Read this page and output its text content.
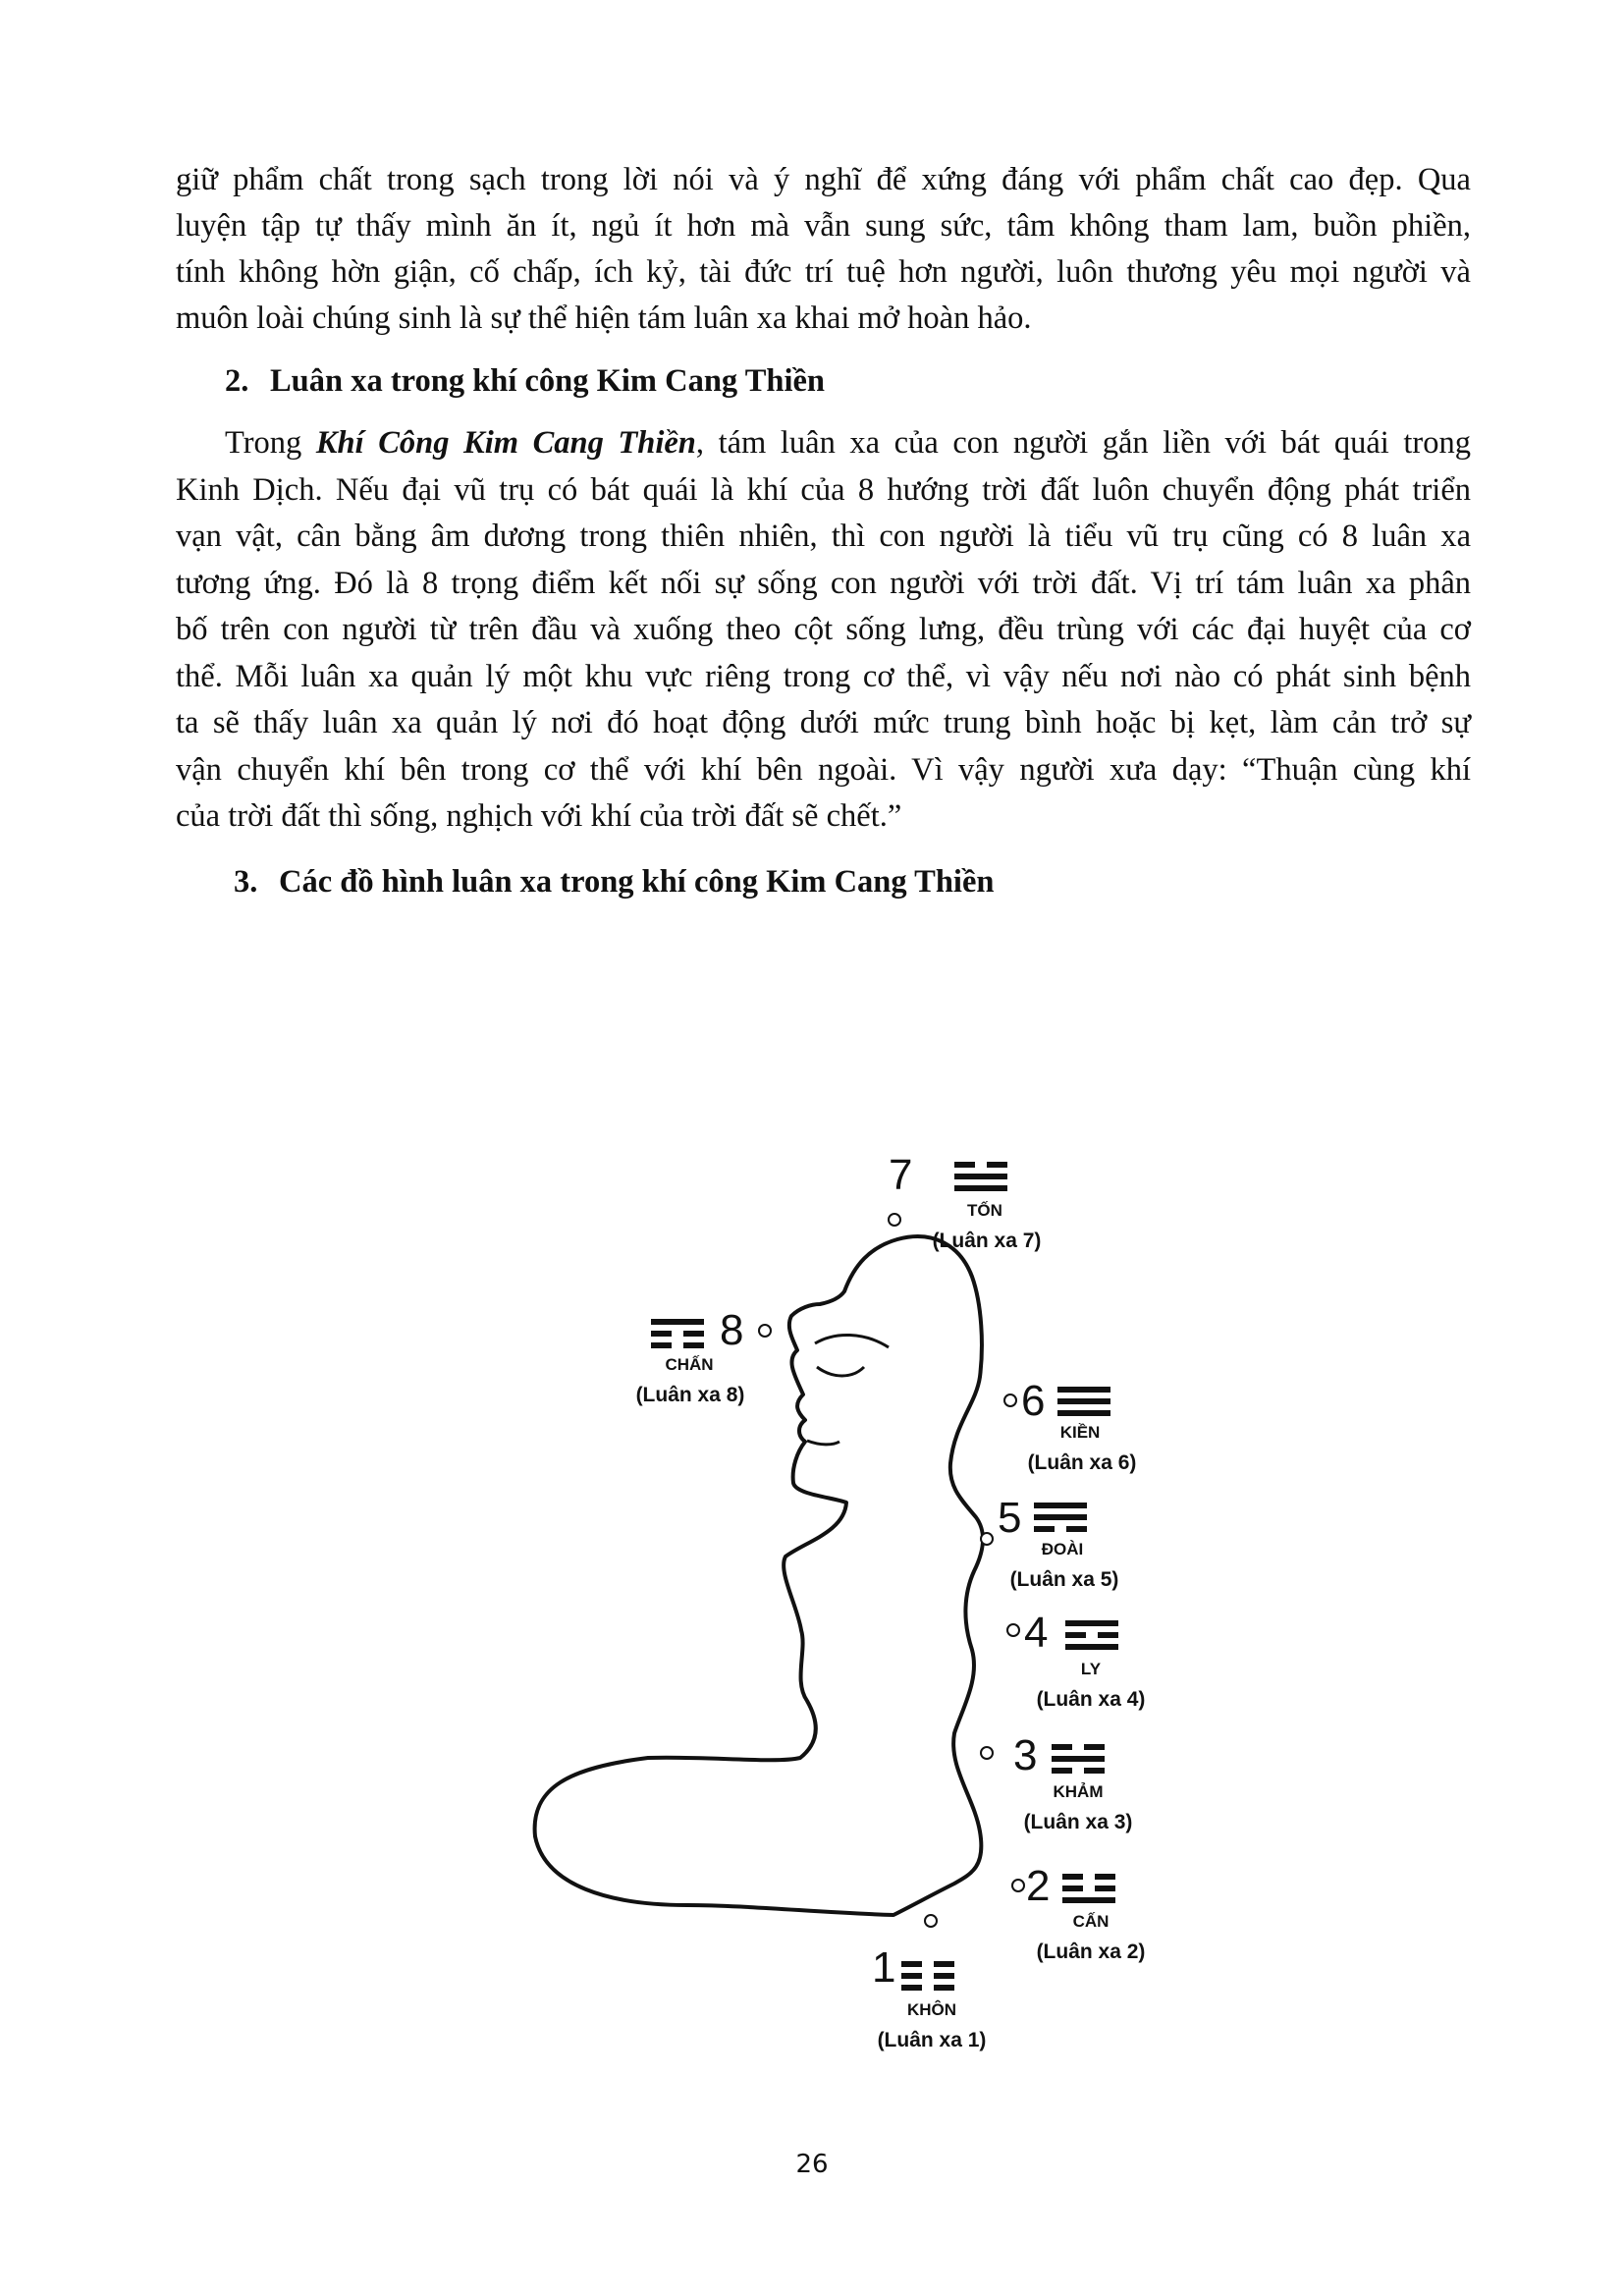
giữ phẩm chất trong sạch trong lời nói và ý nghĩ để xứng đáng với phẩm chất cao đẹp. Qua

luyện tập tự thấy mình ăn ít, ngủ ít hơn mà vẫn sung sức, tâm không tham lam, buồn phiền,

tính không hờn giận, cố chấp, ích kỷ, tài đức trí tuệ hơn người, luôn thương yêu mọi người và

muôn loài chúng sinh là sự thể hiện tám luân xa khai mở hoàn hảo.

2. Luân xa trong khí công Kim Cang Thiền

Trong Khí Công Kim Cang Thiền, tám luân xa của con người gắn liền với bát quái trong

Kinh Dịch. Nếu đại vũ trụ có bát quái là khí của 8 hướng trời đất luôn chuyển động phát triển

vạn vật, cân bằng âm dương trong thiên nhiên, thì con người là tiểu vũ trụ cũng có 8 luân xa

tương ứng. Đó là 8 trọng điểm kết nối sự sống con người với trời đất. Vị trí tám luân xa phân

bố trên con người từ trên đầu và xuống theo cột sống lưng, đều trùng với các đại huyệt của cơ

thể. Mỗi luân xa quản lý một khu vực riêng trong cơ thể, vì vậy nếu nơi nào có phát sinh bệnh

ta sẽ thấy luân xa quản lý nơi đó hoạt động dưới mức trung bình hoặc bị kẹt, làm cản trở sự

vận chuyển khí bên trong cơ thể với khí bên ngoài. Vì vậy người xưa dạy: “Thuận cùng khí

của trời đất thì sống, nghịch với khí của trời đất sẽ chết.”

3. Các đồ hình luân xa trong khí công Kim Cang Thiền
1
KHÔN
(Luân xa 1)
2
CẤN
(Luân xa 2)
3
KHẢM
(Luân xa 3)
4
LY
(Luân xa 4)
5
ĐOÀI
(Luân xa 5)
6
KIỀN
(Luân xa 6)
7
TỐN
(Luân xa 7)
8
CHẤN
(Luân xa 8)
26
